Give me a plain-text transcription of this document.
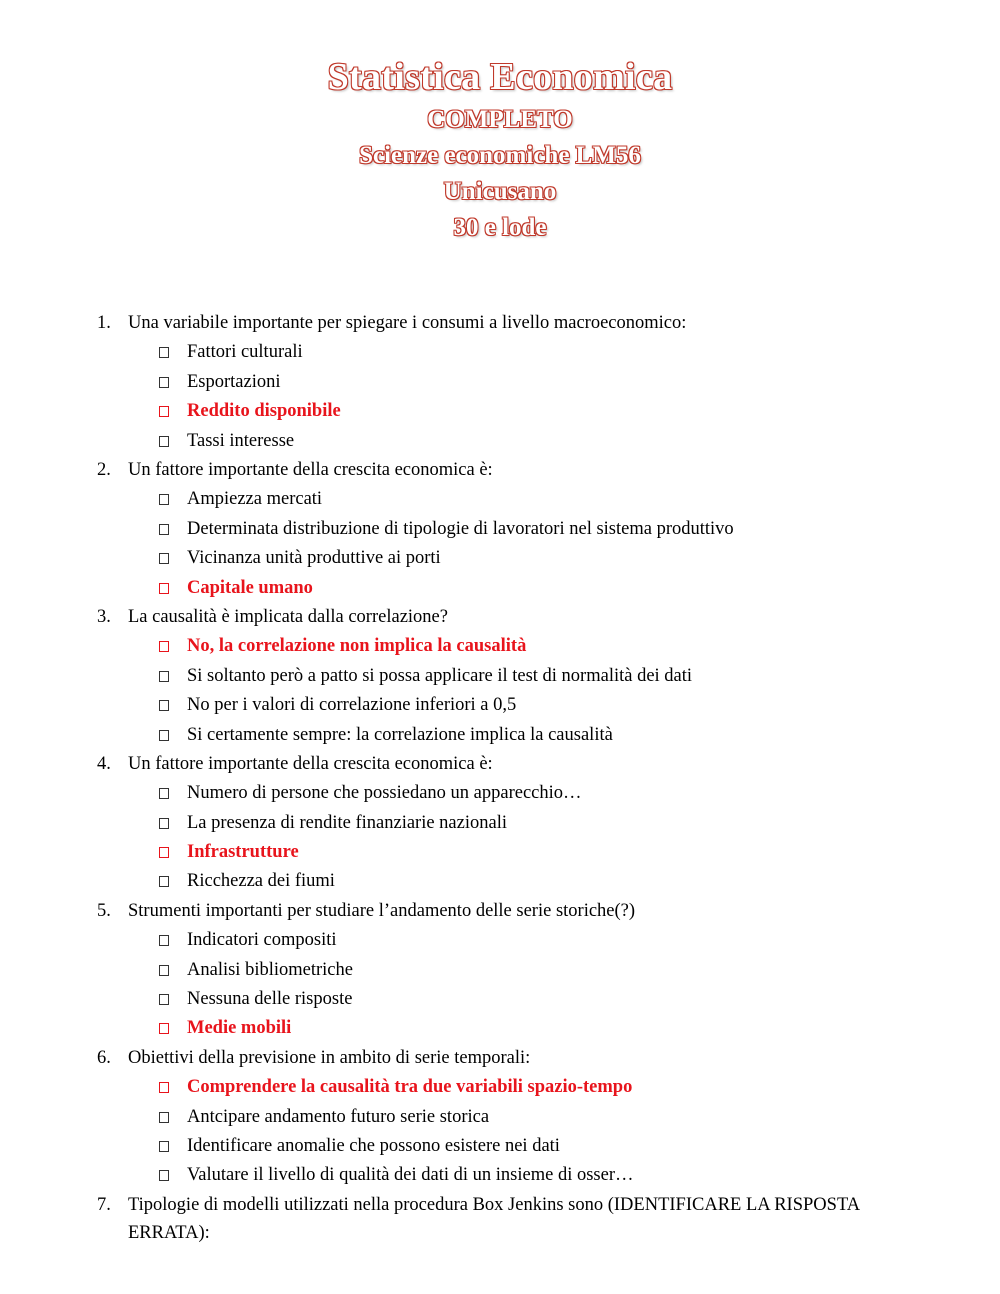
Statistica Economica
COMPLETO
Scienze economiche LM56
Unicusano
30 e lode
1. Una variabile importante per spiegare i consumi a livello macroeconomico:
Fattori culturali
Esportazioni
Reddito disponibile
Tassi interesse
2. Un fattore importante della crescita economica è:
Ampiezza mercati
Determinata distribuzione di tipologie di lavoratori nel sistema produttivo
Vicinanza unità produttive ai porti
Capitale umano
3. La causalità è implicata dalla correlazione?
No, la correlazione non implica la causalità
Si soltanto però a patto si possa applicare il test di normalità dei dati
No per i valori di correlazione inferiori a 0,5
Si certamente sempre: la correlazione implica la causalità
4. Un fattore importante della crescita economica è:
Numero di persone che possiedano un apparecchio…
La presenza di rendite finanziarie nazionali
Infrastrutture
Ricchezza dei fiumi
5. Strumenti importanti per studiare l’andamento delle serie storiche(?)
Indicatori compositi
Analisi bibliometriche
Nessuna delle risposte
Medie mobili
6. Obiettivi della previsione in ambito di serie temporali:
Comprendere la causalità tra due variabili spazio-tempo
Antcipare andamento futuro serie storica
Identificare anomalie che possono esistere nei dati
Valutare il livello di qualità dei dati di un insieme di osser…
7. Tipologie di modelli utilizzati nella procedura Box Jenkins sono (IDENTIFICARE LA RISPOSTA ERRATA):
